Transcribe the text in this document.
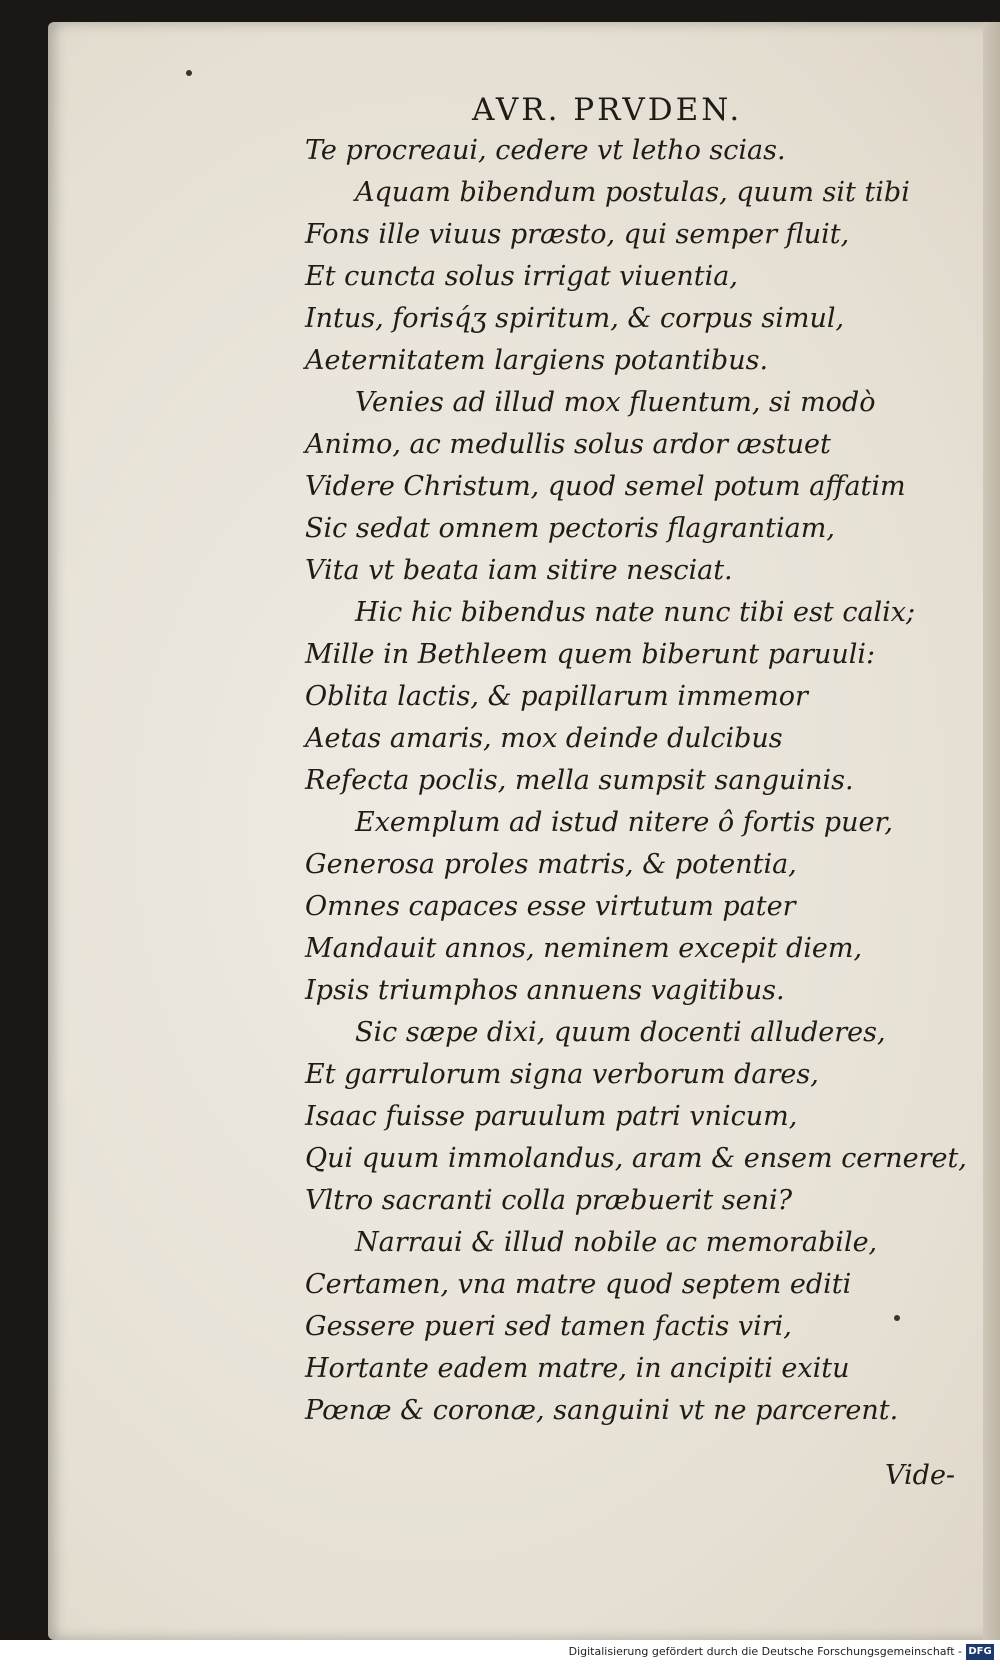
AVR. PRVDEN.
Te procreaui, cedere vt letho scias.
Aquam bibendum postulas, quum sit tibi
Fons ille viuus præsto, qui semper fluit,
Et cuncta solus irrigat viuentia,
Intus, forisq́ʒ spiritum, & corpus simul,
Aeternitatem largiens potantibus.
Venies ad illud mox fluentum, si modò
Animo, ac medullis solus ardor æstuet
Videre Christum, quod semel potum affatim
Sic sedat omnem pectoris flagrantiam,
Vita vt beata iam sitire nesciat.
Hic hic bibendus nate nunc tibi est calix;
Mille in Bethleem quem biberunt paruuli:
Oblita lactis, & papillarum immemor
Aetas amaris, mox deinde dulcibus
Refecta poclis, mella sumpsit sanguinis.
Exemplum ad istud nitere ô fortis puer,
Generosa proles matris, & potentia,
Omnes capaces esse virtutum pater
Mandauit annos, neminem excepit diem,
Ipsis triumphos annuens vagitibus.
Sic sæpe dixi, quum docenti alluderes,
Et garrulorum signa verborum dares,
Isaac fuisse paruulum patri vnicum,
Qui quum immolandus, aram & ensem cerneret,
Vltro sacranti colla præbuerit seni?
Narraui & illud nobile ac memorabile,
Certamen, vna matre quod septem editi
Gessere pueri sed tamen factis viri,
Hortante eadem matre, in ancipiti exitu
Pœnæ & coronæ, sanguini vt ne parcerent.
Vide-
Digitalisierung gefördert durch die Deutsche Forschungsgemeinschaft - DFG
